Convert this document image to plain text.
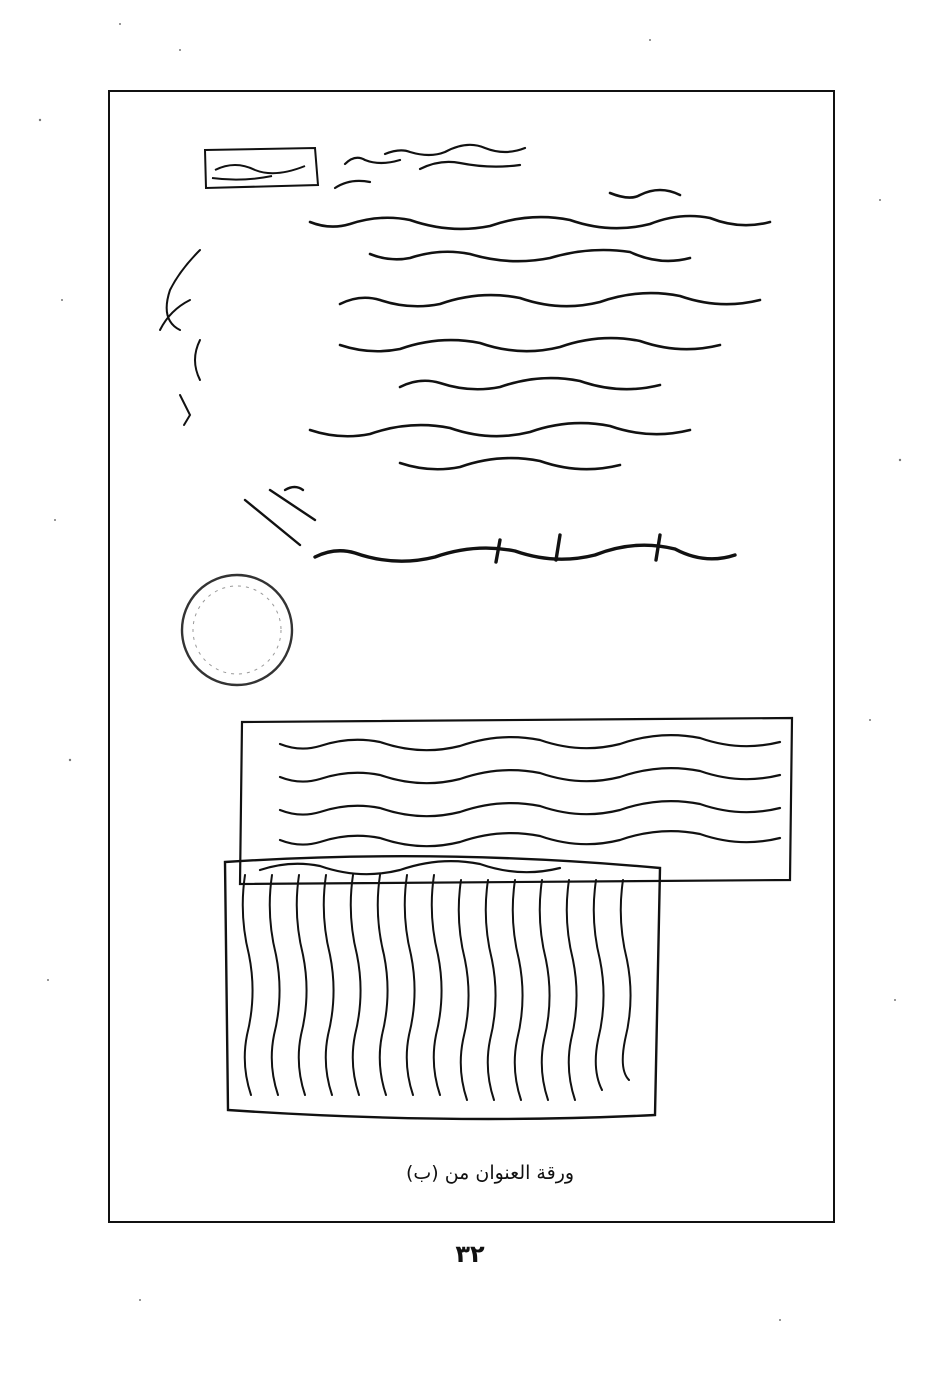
ورقة العنوان من (ب)
٣٢
